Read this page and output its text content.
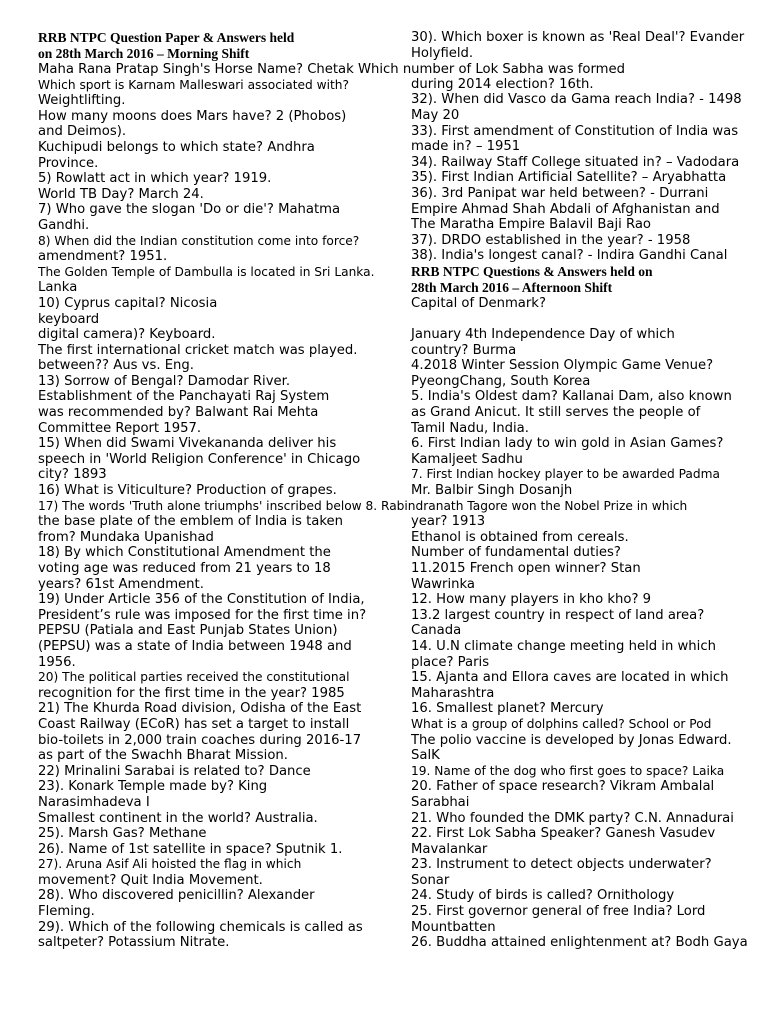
RRB NTPC Question Paper & Answers held
on 28th March 2016 – Morning Shift

Maha Rana Pratap Singh's Horse Name? Chetak Which number of Lok Sabha was formed

Which sport is Karnam Malleswari associated with?

Weightlifting.

How many moons does Mars have? 2 (Phobos)

and Deimos).

Kuchipudi belongs to which state? Andhra

Province.

5) Rowlatt act in which year? 1919.

World TB Day? March 24.

7) Who gave the slogan 'Do or die'? Mahatma

Gandhi.

8) When did the Indian constitution come into force?

amendment? 1951.

The Golden Temple of Dambulla is located in Sri Lanka.

Lanka

10) Cyprus capital? Nicosia

keyboard

digital camera)? Keyboard.

The first international cricket match was played.

between?? Aus vs. Eng.

13) Sorrow of Bengal? Damodar River.

Establishment of the Panchayati Raj System

was recommended by? Balwant Rai Mehta

Committee Report 1957.

15) When did Swami Vivekananda deliver his

speech in 'World Religion Conference' in Chicago

city? 1893

16) What is Viticulture? Production of grapes.

17) The words 'Truth alone triumphs' inscribed below 8. Rabindranath Tagore won the Nobel Prize in which

the base plate of the emblem of India is taken

from? Mundaka Upanishad

18) By which Constitutional Amendment the

voting age was reduced from 21 years to 18

years? 61st Amendment.

19) Under Article 356 of the Constitution of India,

President’s rule was imposed for the first time in?

PEPSU (Patiala and East Punjab States Union)

(PEPSU) was a state of India between 1948 and

1956.

20) The political parties received the constitutional

recognition for the first time in the year? 1985

21) The Khurda Road division, Odisha of the East

Coast Railway (ECoR) has set a target to install

bio-toilets in 2,000 train coaches during 2016-17

as part of the Swachh Bharat Mission.

22) Mrinalini Sarabai is related to? Dance

23). Konark Temple made by? King

Narasimhadeva I

Smallest continent in the world? Australia.

25). Marsh Gas? Methane

26). Name of 1st satellite in space? Sputnik 1.

27). Aruna Asif Ali hoisted the flag in which

movement? Quit India Movement.

28). Who discovered penicillin? Alexander

Fleming.

29). Which of the following chemicals is called as

saltpeter? Potassium Nitrate.

30). Which boxer is known as 'Real Deal'? Evander

Holyfield.

during 2014 election? 16th.

32). When did Vasco da Gama reach India? - 1498

May 20

33). First amendment of Constitution of India was

made in? – 1951

34). Railway Staff College situated in? – Vadodara

35). First Indian Artificial Satellite? – Aryabhatta

36). 3rd Panipat war held between? - Durrani

Empire Ahmad Shah Abdali of Afghanistan and

The Maratha Empire Balavil Baji Rao

37). DRDO established in the year? - 1958

38). India's longest canal? - Indira Gandhi Canal

RRB NTPC Questions & Answers held on
28th March 2016 – Afternoon Shift

Capital of Denmark?

January 4th Independence Day of which

country? Burma

4.2018 Winter Session Olympic Game Venue?

PyeongChang, South Korea

5. India's Oldest dam? Kallanai Dam, also known

as Grand Anicut. It still serves the people of

Tamil Nadu, India.

6. First Indian lady to win gold in Asian Games?

Kamaljeet Sadhu

7. First Indian hockey player to be awarded Padma

Mr. Balbir Singh Dosanjh

year? 1913

Ethanol is obtained from cereals.

Number of fundamental duties?

11.2015 French open winner? Stan

Wawrinka

12. How many players in kho kho? 9

13.2 largest country in respect of land area?

Canada

14. U.N climate change meeting held in which

place? Paris

15. Ajanta and Ellora caves are located in which

Maharashtra

16. Smallest planet? Mercury

What is a group of dolphins called? School or Pod

The polio vaccine is developed by Jonas Edward.

SalK

19. Name of the dog who first goes to space? Laika

20. Father of space research? Vikram Ambalal

Sarabhai

21. Who founded the DMK party? C.N. Annadurai

22. First Lok Sabha Speaker? Ganesh Vasudev

Mavalankar

23. Instrument to detect objects underwater?

Sonar

24. Study of birds is called? Ornithology

25. First governor general of free India? Lord

Mountbatten

26. Buddha attained enlightenment at? Bodh Gaya
